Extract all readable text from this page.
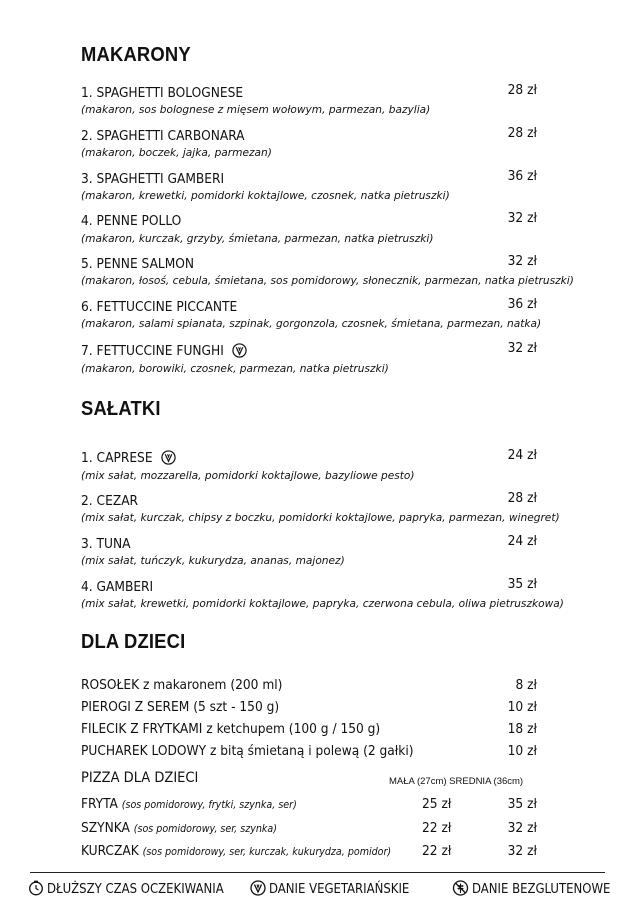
MAKARONY
1. SPAGHETTI BOLOGNESE	28 zł
(makaron, sos bolognese z mięsem wołowym, parmezan, bazylia)
2. SPAGHETTI CARBONARA	28 zł
(makaron, boczek, jajka, parmezan)
3. SPAGHETTI GAMBERI	36 zł
(makaron, krewetki, pomidorki koktajlowe, czosnek, natka pietruszki)
4. PENNE POLLO	32 zł
(makaron, kurczak, grzyby, śmietana, parmezan, natka pietruszki)
5. PENNE SALMON	32 zł
(makaron, łosoś, cebula, śmietana, sos pomidorowy, słonecznik, parmezan, natka pietruszki)
6. FETTUCCINE PICCANTE	36 zł
(makaron, salami spianata, szpinak, gorgonzola, czosnek, śmietana, parmezan, natka)
7. FETTUCCINE FUNGHI	32 zł
(makaron, borowiki, czosnek, parmezan, natka pietruszki)
SAŁATKI
1. CAPRESE	24 zł
(mix sałat, mozzarella, pomidorki koktajlowe, bazyliowe pesto)
2. CEZAR	28 zł
(mix sałat, kurczak, chipsy z boczku, pomidorki koktajlowe, papryka, parmezan, winegret)
3. TUNA	24 zł
(mix sałat, tuńczyk, kukurydza, ananas, majonez)
4. GAMBERI	35 zł
(mix sałat, krewetki, pomidorki koktajlowe, papryka, czerwona cebula, oliwa pietruszkowa)
DLA DZIECI
ROSOŁEK z makaronem (200 ml)	8 zł
PIEROGI Z SEREM (5 szt - 150 g)	10 zł
FILECIK Z FRYTKAMI z ketchupem (100 g / 150 g)	18 zł
PUCHAREK LODOWY z bitą śmietaną i polewą (2 gałki)	10 zł
PIZZA DLA DZIECI	MAŁA (27cm) SREDNIA (36cm)
FRYTA (sos pomidorowy, frytki, szynka, ser)	25 zł	35 zł
SZYNKA (sos pomidorowy, ser, szynka)	22 zł	32 zł
KURCZAK (sos pomidorowy, ser, kurczak, kukurydza, pomidor) 22 zł	32 zł
DŁUŻSZY CZAS OCZEKIWANIA	DANIE VEGETARIAŃSKIE	DANIE BEZGLUTENOWE
